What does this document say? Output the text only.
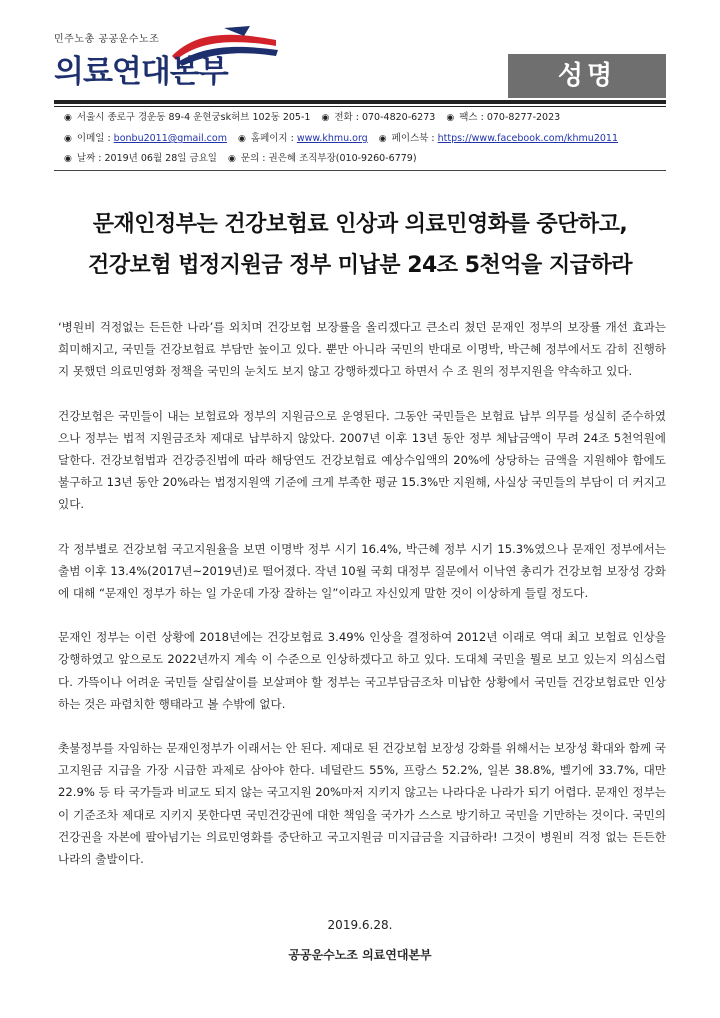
민주노총 공공운수노조
의료연대본부	성명
◉ 서울시 종로구 경운동 89-4 운현궁sk허브 102동 205-1 ◉ 전화 : 070-4820-6273 ◉ 팩스 : 070-8277-2023
◉ 이메일 : bonbu2011@gmail.com ◉ 홈페이지 : www.khmu.org ◉ 페이스북 : https://www.facebook.com/khmu2011
◉ 날짜 : 2019년 06월 28일 금요일 ◉ 문의 : 권은혜 조직부장(010-9260-6779)
문재인정부는 건강보험료 인상과 의료민영화를 중단하고,
건강보험 법정지원금 정부 미납분 24조 5천억을 지급하라

‘병원비 걱정없는 든든한 나라’를 외치며 건강보험 보장률을 올리겠다고 큰소리 쳤던 문재인 정부의 보장률 개선 효과는 희미해지고, 국민들 건강보험료 부담만 높이고 있다. 뿐만 아니라 국민의 반대로 이명박, 박근혜 정부에서도 감히 진행하지 못했던 의료민영화 정책을 국민의 눈치도 보지 않고 강행하겠다고 하면서 수 조 원의 정부지원을 약속하고 있다.

건강보험은 국민들이 내는 보험료와 정부의 지원금으로 운영된다. 그동안 국민들은 보험료 납부 의무를 성실히 준수하였으나 정부는 법적 지원금조차 제대로 납부하지 않았다. 2007년 이후 13년 동안 정부 체납금액이 무려 24조 5천억원에 달한다. 건강보험법과 건강증진법에 따라 해당연도 건강보험료 예상수입액의 20%에 상당하는 금액을 지원해야 함에도 불구하고 13년 동안 20%라는 법정지원액 기준에 크게 부족한 평균 15.3%만 지원해, 사실상 국민들의 부담이 더 커지고 있다.

각 정부별로 건강보험 국고지원율을 보면 이명박 정부 시기 16.4%, 박근혜 정부 시기 15.3%였으나 문재인 정부에서는 출범 이후 13.4%(2017년~2019년)로 떨어졌다. 작년 10월 국회 대정부 질문에서 이낙연 총리가 건강보험 보장성 강화에 대해 “문재인 정부가 하는 일 가운데 가장 잘하는 일”이라고 자신있게 말한 것이 이상하게 들릴 정도다.

문재인 정부는 이런 상황에 2018년에는 건강보험료 3.49% 인상을 결정하여 2012년 이래로 역대 최고 보험료 인상을 강행하였고 앞으로도 2022년까지 계속 이 수준으로 인상하겠다고 하고 있다. 도대체 국민을 뭘로 보고 있는지 의심스럽다. 가뜩이나 어려운 국민들 살림살이를 보살펴야 할 정부는 국고부담금조차 미납한 상황에서 국민들 건강보험료만 인상하는 것은 파렴치한 행태라고 볼 수밖에 없다.

촛불정부를 자임하는 문재인정부가 이래서는 안 된다. 제대로 된 건강보험 보장성 강화를 위해서는 보장성 확대와 함께 국고지원금 지급을 가장 시급한 과제로 삼아야 한다. 네덜란드 55%, 프랑스 52.2%, 일본 38.8%, 벨기에 33.7%, 대만 22.9% 등 타 국가들과 비교도 되지 않는 국고지원 20%마저 지키지 않고는 나라다운 나라가 되기 어렵다. 문재인 정부는 이 기준조차 제대로 지키지 못한다면 국민건강권에 대한 책임을 국가가 스스로 방기하고 국민을 기만하는 것이다. 국민의 건강권을 자본에 팔아넘기는 의료민영화를 중단하고 국고지원금 미지급금을 지급하라! 그것이 병원비 걱정 없는 든든한 나라의 출발이다.

2019.6.28.
공공운수노조 의료연대본부
